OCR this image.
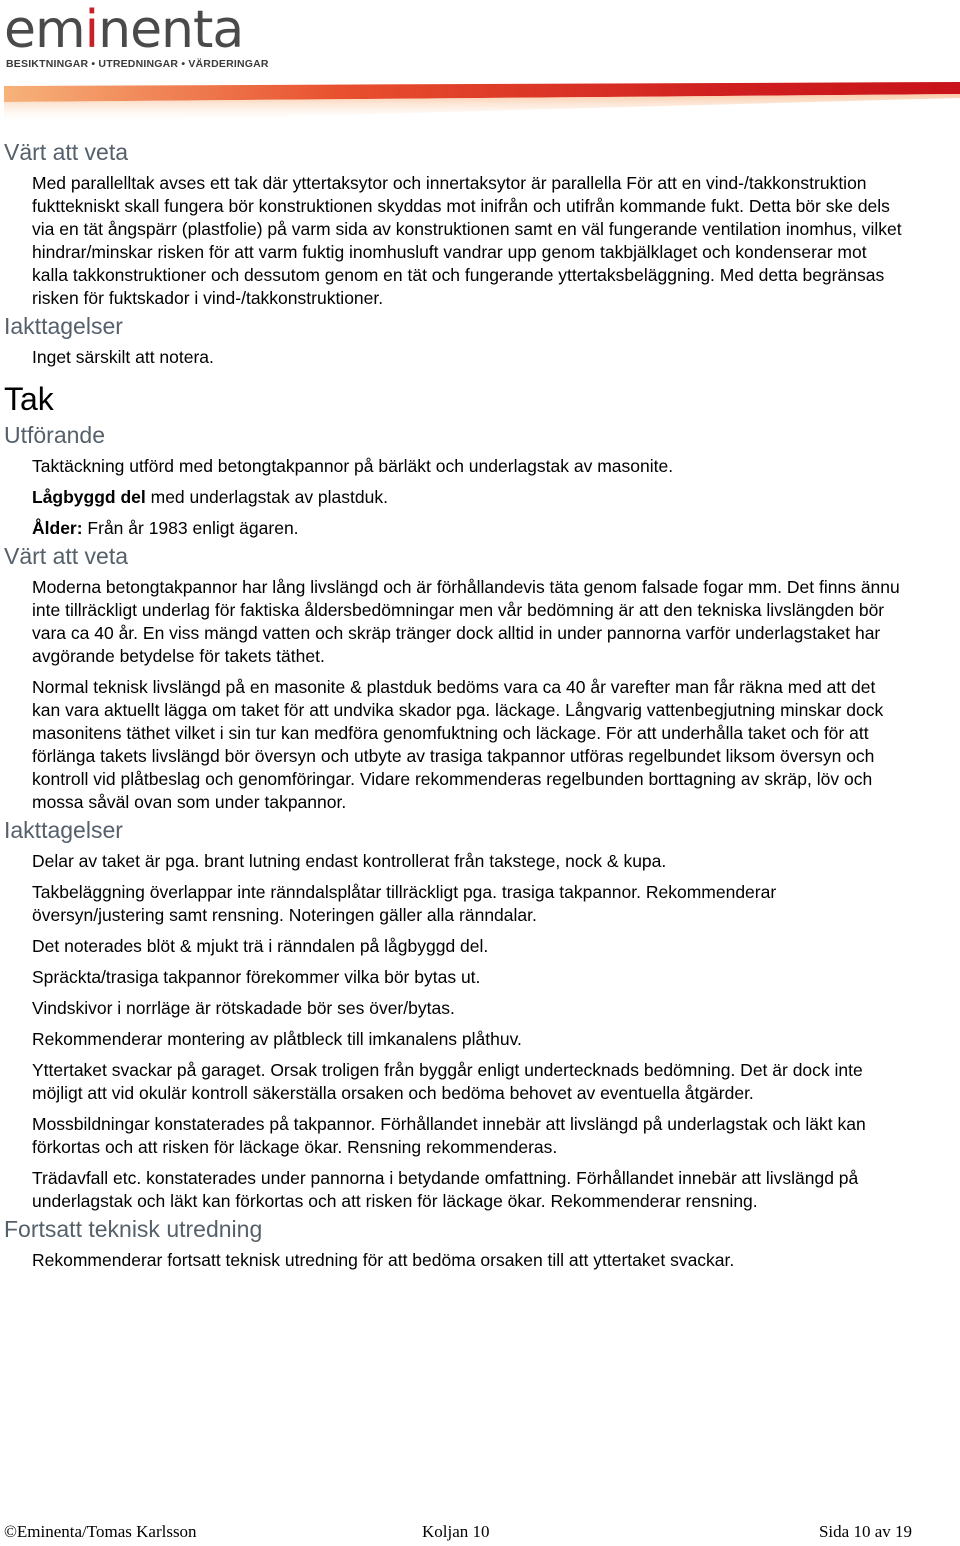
eminenta
BESIKTNINGAR • UTREDNINGAR • VÄRDERINGAR
Värt att veta

Med parallelltak avses ett tak där yttertaksytor och innertaksytor är parallella För att en vind-/takkonstruktion fukttekniskt skall fungera bör konstruktionen skyddas mot inifrån och utifrån kommande fukt. Detta bör ske dels via en tät ångspärr (plastfolie) på varm sida av konstruktionen samt en väl fungerande ventilation inomhus, vilket hindrar/minskar risken för att varm fuktig inomhusluft vandrar upp genom takbjälklaget och kondenserar mot kalla takkonstruktioner och dessutom genom en tät och fungerande yttertaksbeläggning. Med detta begränsas risken för fuktskador i vind-/takkonstruktioner.

Iakttagelser

Inget särskilt att notera.

Tak
Utförande

Taktäckning utförd med betongtakpannor på bärläkt och underlagstak av masonite.

Lågbyggd del med underlagstak av plastduk.

Ålder: Från år 1983 enligt ägaren.

Värt att veta

Moderna betongtakpannor har lång livslängd och är förhållandevis täta genom falsade fogar mm. Det finns ännu inte tillräckligt underlag för faktiska åldersbedömningar men vår bedömning är att den tekniska livslängden bör vara ca 40 år. En viss mängd vatten och skräp tränger dock alltid in under pannorna varför underlagstaket har avgörande betydelse för takets täthet.

Normal teknisk livslängd på en masonite & plastduk bedöms vara ca 40 år varefter man får räkna med att det kan vara aktuellt lägga om taket för att undvika skador pga. läckage. Långvarig vattenbegjutning minskar dock masonitens täthet vilket i sin tur kan medföra genomfuktning och läckage. För att underhålla taket och för att förlänga takets livslängd bör översyn och utbyte av trasiga takpannor utföras regelbundet liksom översyn och kontroll vid plåtbeslag och genomföringar. Vidare rekommenderas regelbunden borttagning av skräp, löv och mossa såväl ovan som under takpannor.

Iakttagelser

Delar av taket är pga. brant lutning endast kontrollerat från takstege, nock & kupa.

Takbeläggning överlappar inte ränndalsplåtar tillräckligt pga. trasiga takpannor. Rekommenderar översyn/justering samt rensning. Noteringen gäller alla ränndalar.

Det noterades blöt & mjukt trä i ränndalen på lågbyggd del.

Spräckta/trasiga takpannor förekommer vilka bör bytas ut.

Vindskivor i norrläge är rötskadade bör ses över/bytas.

Rekommenderar montering av plåtbleck till imkanalens plåthuv.

Yttertaket svackar på garaget. Orsak troligen från byggår enligt undertecknads bedömning. Det är dock inte möjligt att vid okulär kontroll säkerställa orsaken och bedöma behovet av eventuella åtgärder.

Mossbildningar konstaterades på takpannor. Förhållandet innebär att livslängd på underlagstak och läkt kan förkortas och att risken för läckage ökar. Rensning rekommenderas.

Trädavfall etc. konstaterades under pannorna i betydande omfattning. Förhållandet innebär att livslängd på underlagstak och läkt kan förkortas och att risken för läckage ökar. Rekommenderar rensning.

Fortsatt teknisk utredning

Rekommenderar fortsatt teknisk utredning för att bedöma orsaken till att yttertaket svackar.

©Eminenta/Tomas Karlsson	Koljan 10	Sida 10 av 19
